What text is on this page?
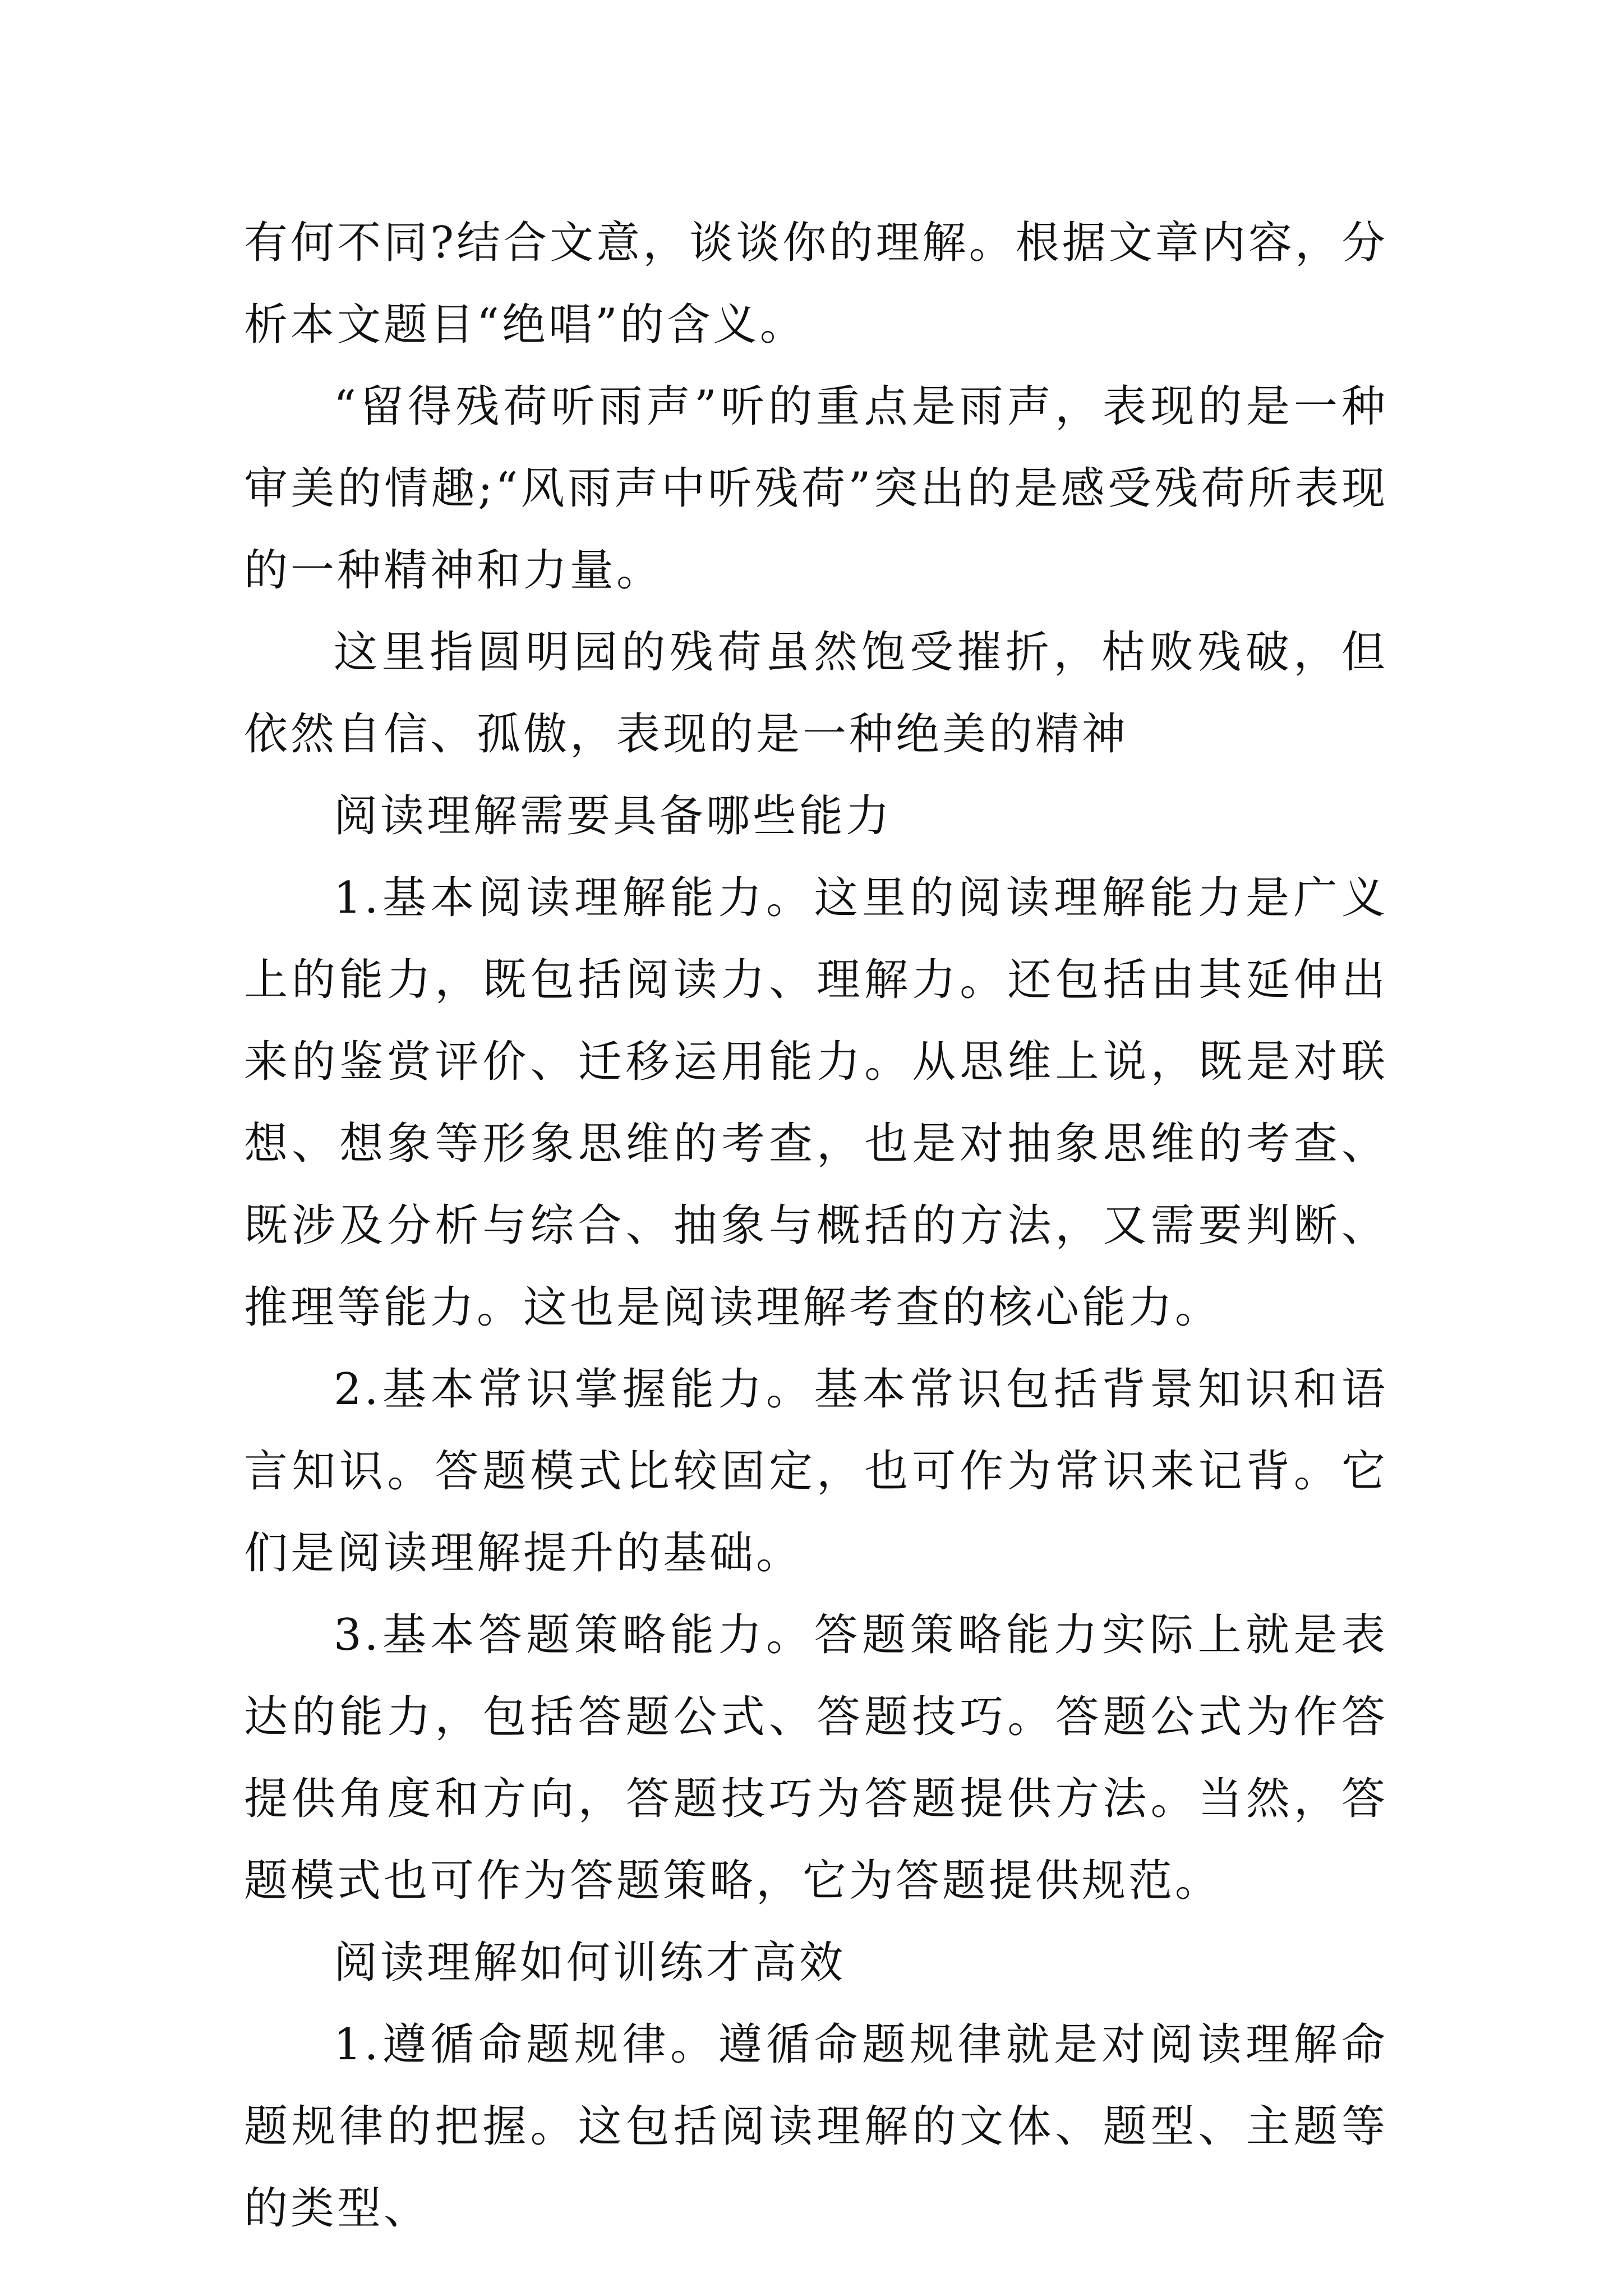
有何不同?结合文意，谈谈你的理解。根据文章内容，分析本文题目“绝唱”的含义。

“留得残荷听雨声”听的重点是雨声，表现的是一种审美的情趣;“风雨声中听残荷”突出的是感受残荷所表现的一种精神和力量。

这里指圆明园的残荷虽然饱受摧折，枯败残破，但依然自信、孤傲，表现的是一种绝美的精神

阅读理解需要具备哪些能力

1.基本阅读理解能力。这里的阅读理解能力是广义上的能力，既包括阅读力、理解力。还包括由其延伸出来的鉴赏评价、迁移运用能力。从思维上说，既是对联想、想象等形象思维的考查，也是对抽象思维的考查、既涉及分析与综合、抽象与概括的方法，又需要判断、推理等能力。这也是阅读理解考查的核心能力。

2.基本常识掌握能力。基本常识包括背景知识和语言知识。答题模式比较固定，也可作为常识来记背。它们是阅读理解提升的基础。

3.基本答题策略能力。答题策略能力实际上就是表达的能力，包括答题公式、答题技巧。答题公式为作答提供角度和方向，答题技巧为答题提供方法。当然，答题模式也可作为答题策略，它为答题提供规范。

阅读理解如何训练才高效

1.遵循命题规律。遵循命题规律就是对阅读理解命题规律的把握。这包括阅读理解的文体、题型、主题等的类型、
